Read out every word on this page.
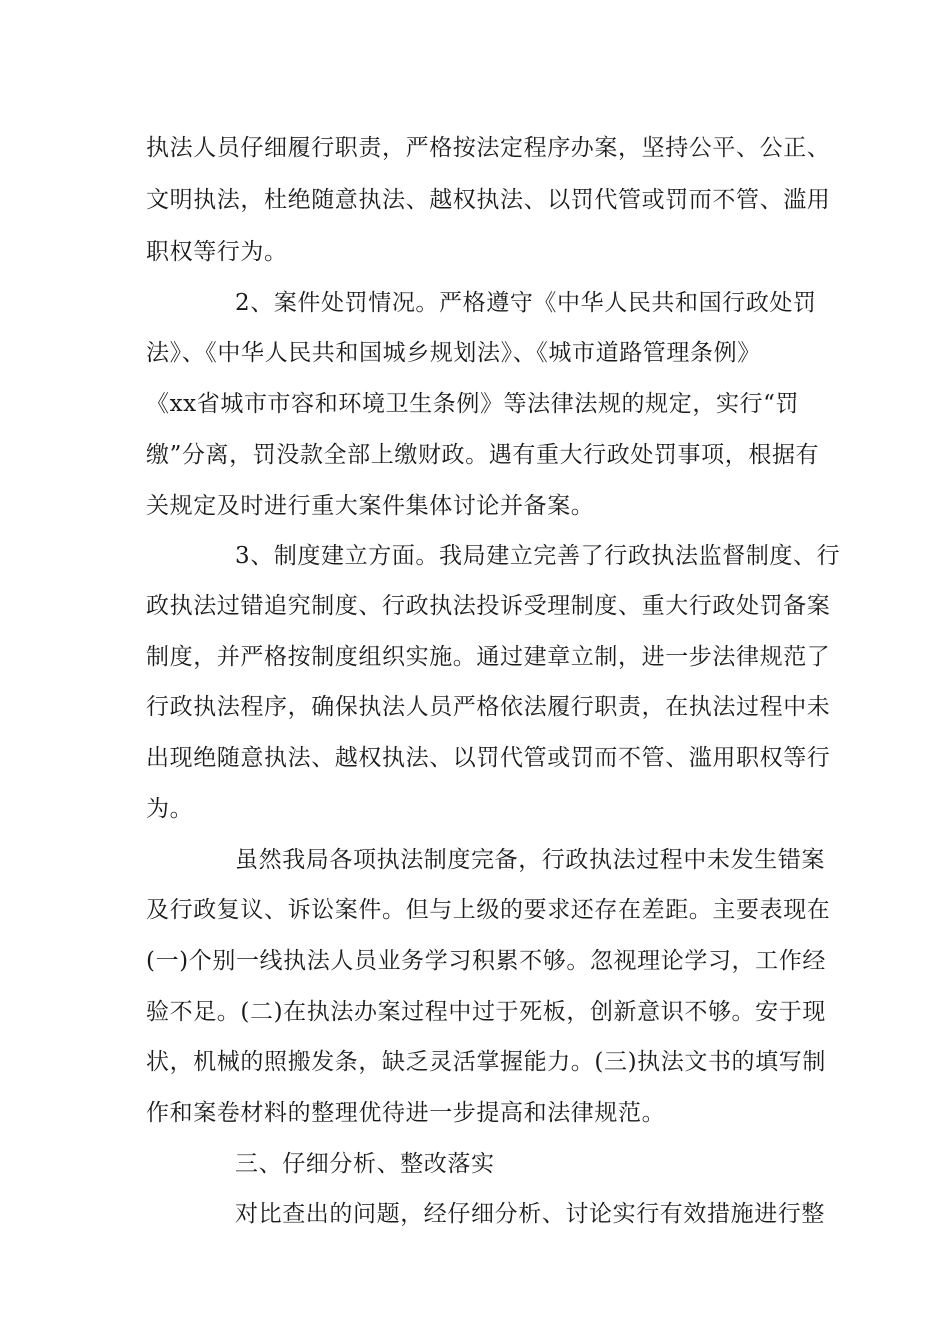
执法人员仔细履行职责，严格按法定程序办案，坚持公平、公正、
文明执法，杜绝随意执法、越权执法、以罚代管或罚而不管、滥用
职权等行为。
2、案件处罚情况。严格遵守《中华人民共和国行政处罚
法》、《中华人民共和国城乡规划法》、《城市道路管理条例》
《xx省城市市容和环境卫生条例》等法律法规的规定，实行“罚
缴”分离，罚没款全部上缴财政。遇有重大行政处罚事项，根据有
关规定及时进行重大案件集体讨论并备案。
3、制度建立方面。我局建立完善了行政执法监督制度、行
政执法过错追究制度、行政执法投诉受理制度、重大行政处罚备案
制度，并严格按制度组织实施。通过建章立制，进一步法律规范了
行政执法程序，确保执法人员严格依法履行职责，在执法过程中未
出现绝随意执法、越权执法、以罚代管或罚而不管、滥用职权等行
为。
虽然我局各项执法制度完备，行政执法过程中未发生错案
及行政复议、诉讼案件。但与上级的要求还存在差距。主要表现在
(一)个别一线执法人员业务学习积累不够。忽视理论学习，工作经
验不足。(二)在执法办案过程中过于死板，创新意识不够。安于现
状，机械的照搬发条，缺乏灵活掌握能力。(三)执法文书的填写制
作和案卷材料的整理优待进一步提高和法律规范。
三、仔细分析、整改落实
对比查出的问题，经仔细分析、讨论实行有效措施进行整
